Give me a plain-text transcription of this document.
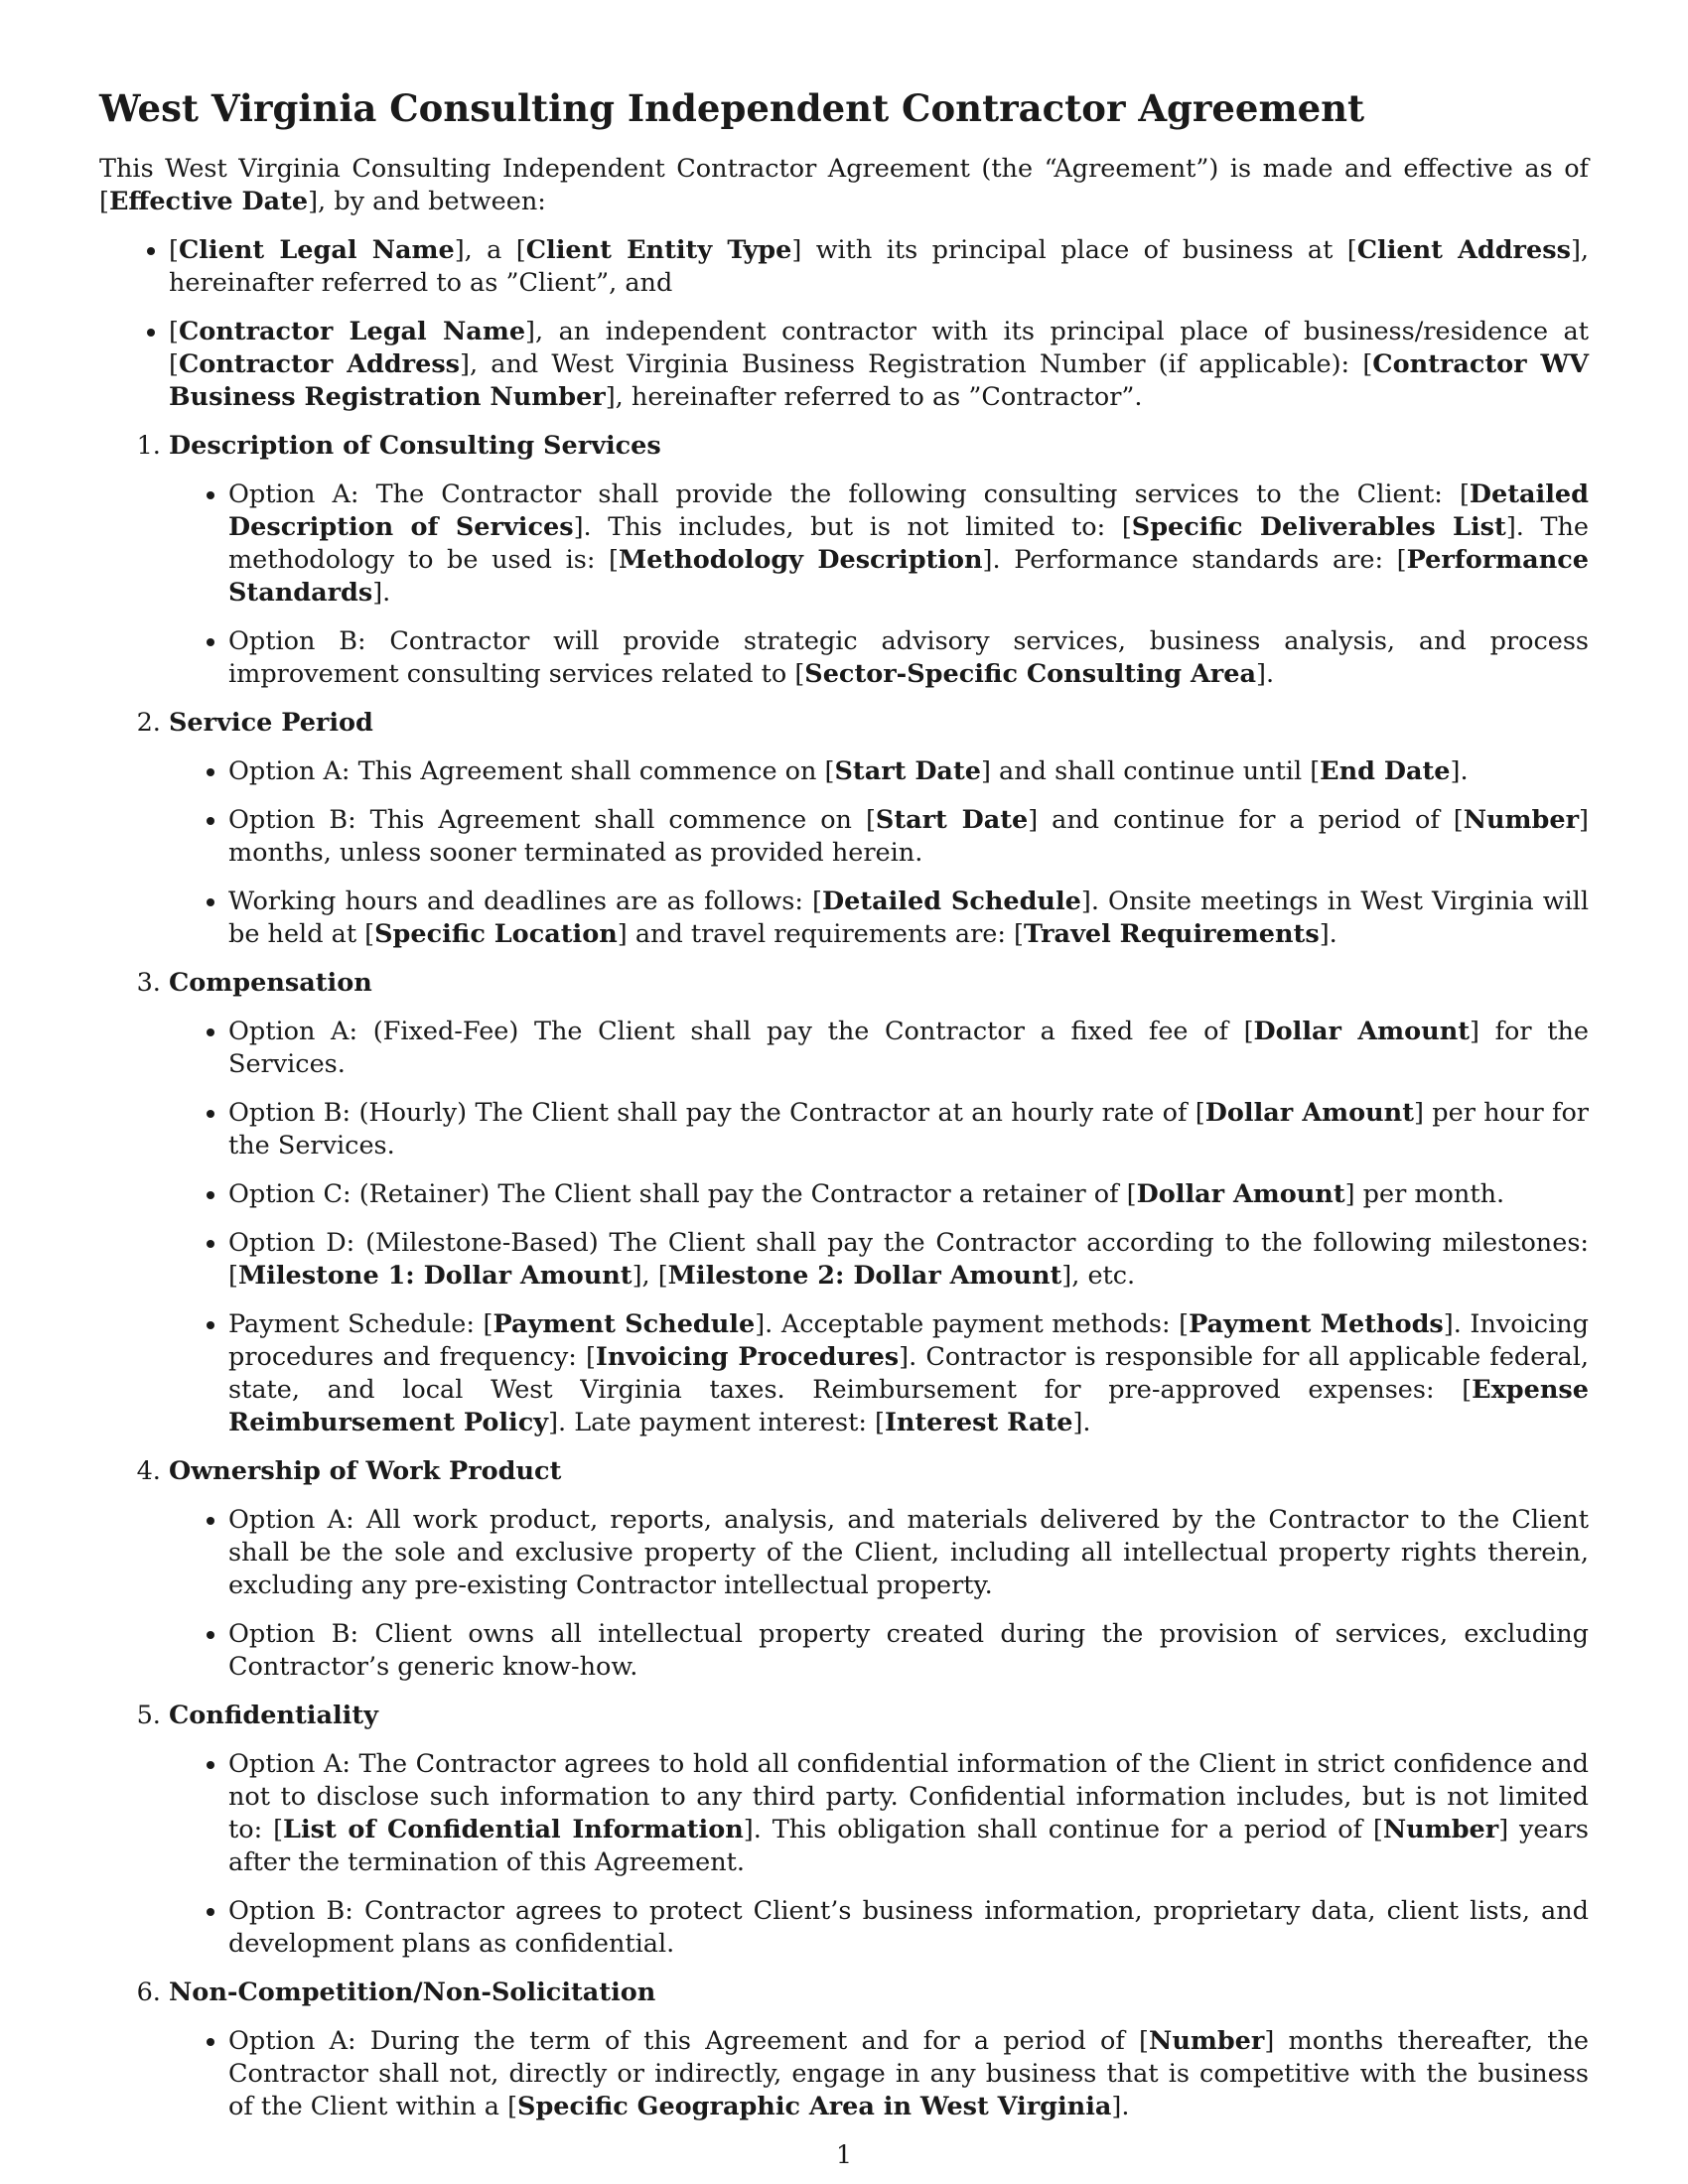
West Virginia Consulting Independent Contractor Agreement

This West Virginia Consulting Independent Contractor Agreement (the “Agreement”) is made and effective as of [Effective Date], by and between:

• [Client Legal Name], a [Client Entity Type] with its principal place of business at [Client Address], hereinafter referred to as ”Client”, and
• [Contractor Legal Name], an independent contractor with its principal place of business/residence at [Contractor Address], and West Virginia Business Registration Number (if applicable): [Contractor WV Business Registration Number], hereinafter referred to as ”Contractor”.
1. Description of Consulting Services
• Option A: The Contractor shall provide the following consulting services to the Client: [Detailed Description of Services]. This includes, but is not limited to: [Specific Deliverables List]. The methodology to be used is: [Methodology Description]. Performance standards are: [Performance Standards].
• Option B: Contractor will provide strategic advisory services, business analysis, and process improvement consulting services related to [Sector-Specific Consulting Area].
2. Service Period
• Option A: This Agreement shall commence on [Start Date] and shall continue until [End Date].
• Option B: This Agreement shall commence on [Start Date] and continue for a period of [Number] months, unless sooner terminated as provided herein.
• Working hours and deadlines are as follows: [Detailed Schedule]. Onsite meetings in West Virginia will be held at [Specific Location] and travel requirements are: [Travel Requirements].
3. Compensation
• Option A: (Fixed-Fee) The Client shall pay the Contractor a fixed fee of [Dollar Amount] for the Services.
• Option B: (Hourly) The Client shall pay the Contractor at an hourly rate of [Dollar Amount] per hour for the Services.
• Option C: (Retainer) The Client shall pay the Contractor a retainer of [Dollar Amount] per month.
• Option D: (Milestone-Based) The Client shall pay the Contractor according to the following milestones: [Milestone 1: Dollar Amount], [Milestone 2: Dollar Amount], etc.
• Payment Schedule: [Payment Schedule]. Acceptable payment methods: [Payment Methods]. Invoicing procedures and frequency: [Invoicing Procedures]. Contractor is responsible for all applicable federal, state, and local West Virginia taxes. Reimbursement for pre-approved expenses: [Expense Reimbursement Policy]. Late payment interest: [Interest Rate].
4. Ownership of Work Product
• Option A: All work product, reports, analysis, and materials delivered by the Contractor to the Client shall be the sole and exclusive property of the Client, including all intellectual property rights therein, excluding any pre-existing Contractor intellectual property.
• Option B: Client owns all intellectual property created during the provision of services, excluding Contractor’s generic know-how.
5. Confidentiality
• Option A: The Contractor agrees to hold all confidential information of the Client in strict confidence and not to disclose such information to any third party. Confidential information includes, but is not limited to: [List of Confidential Information]. This obligation shall continue for a period of [Number] years after the termination of this Agreement.
• Option B: Contractor agrees to protect Client’s business information, proprietary data, client lists, and development plans as confidential.
6. Non-Competition/Non-Solicitation
• Option A: During the term of this Agreement and for a period of [Number] months thereafter, the Contractor shall not, directly or indirectly, engage in any business that is competitive with the business of the Client within a [Specific Geographic Area in West Virginia].
1
